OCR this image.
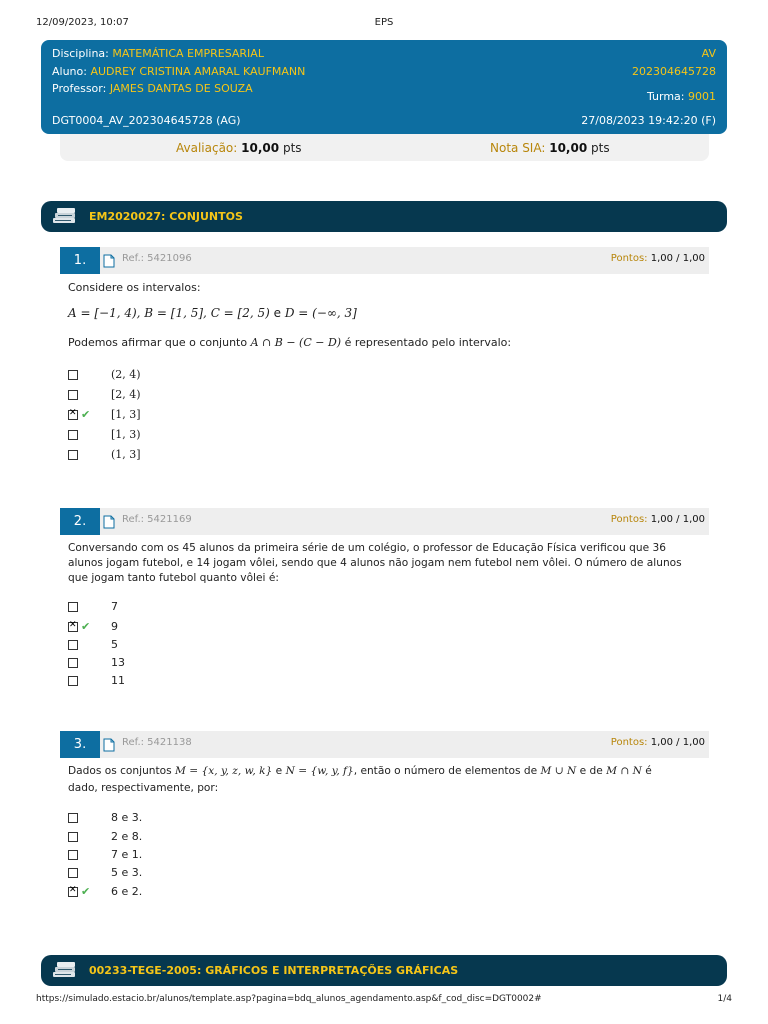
12/09/2023, 10:07	EPS
Disciplina: MATEMÁTICA EMPRESARIAL
Aluno: AUDREY CRISTINA AMARAL KAUFMANN
Professor: JAMES DANTAS DE SOUZA
DGT0004_AV_202304645728 (AG)
AV
202304645728
Turma: 9001
27/08/2023 19:42:20 (F)
Avaliação: 10,00 pts	Nota SIA: 10,00 pts
EM2020027: CONJUNTOS
1.	Ref.: 5421096	Pontos: 1,00 / 1,00
Considere os intervalos:
A = [−1, 4), B = [1, 5], C = [2, 5) e D = (−∞, 3]
Podemos afirmar que o conjunto A ∩ B − (C − D) é representado pelo intervalo:
(2, 4)
[2, 4)
✕
✔ [1, 3]
[1, 3)
(1, 3]
2.	Ref.: 5421169	Pontos: 1,00 / 1,00
Conversando com os 45 alunos da primeira série de um colégio, o professor de Educação Física verificou que 36
alunos jogam futebol, e 14 jogam vôlei, sendo que 4 alunos não jogam nem futebol nem vôlei. O número de alunos
que jogam tanto futebol quanto vôlei é:
7
✕
✔ 9
5
13
11
3.	Ref.: 5421138	Pontos: 1,00 / 1,00
Dados os conjuntos M = {x, y, z, w, k} e N = {w, y, f}, então o número de elementos de M ∪ N e de M ∩ N é
dado, respectivamente, por:
8 e 3.
2 e 8.
7 e 1.
5 e 3.
✕
✔ 6 e 2.
00233-TEGE-2005: GRÁFICOS E INTERPRETAÇÕES GRÁFICAS
https://simulado.estacio.br/alunos/template.asp?pagina=bdq_alunos_agendamento.asp&f_cod_disc=DGT0002#	1/4
